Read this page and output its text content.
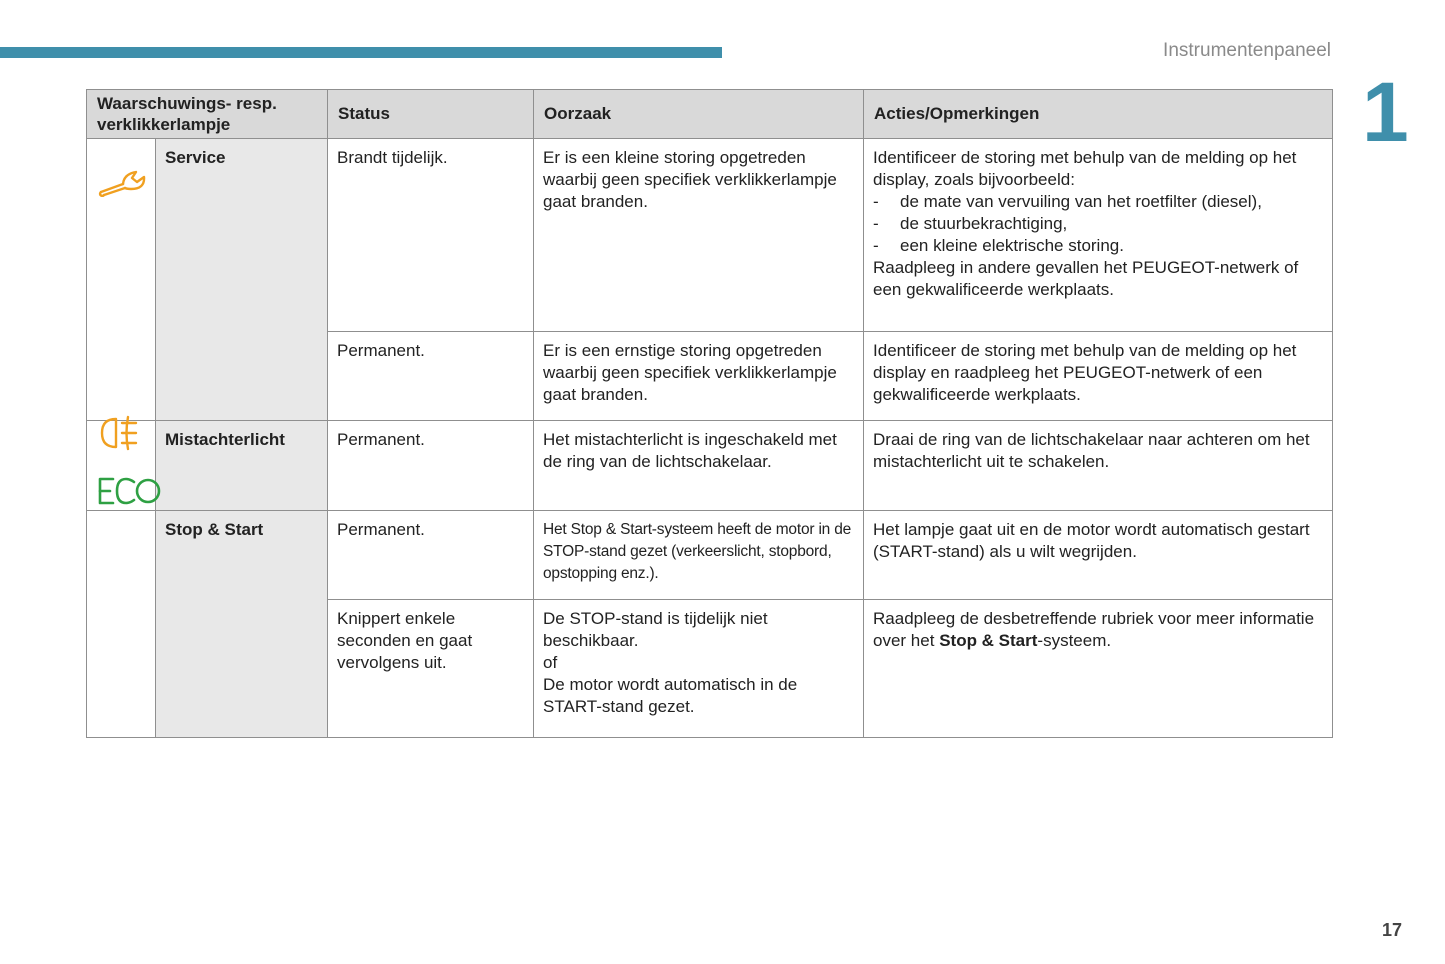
Instrumentenpaneel
1
Waarschuwings- resp. verklikkerlampje		Status	Oorzaak	Acties/Opmerkingen

	Service	Brandt tijdelijk.	Er is een kleine storing opgetreden waarbij geen specifiek verklikkerlampje gaat branden.	Identificeer de storing met behulp van de melding op het display, zoals bijvoorbeeld:
- de mate van vervuiling van het roetfilter (diesel),
- de stuurbekrachtiging,
- een kleine elektrische storing.
Raadpleeg in andere gevallen het PEUGEOT-netwerk of een gekwalificeerde werkplaats.

		Permanent.	Er is een ernstige storing opgetreden waarbij geen specifiek verklikkerlampje gaat branden.	Identificeer de storing met behulp van de melding op het display en raadpleeg het PEUGEOT-netwerk of een gekwalificeerde werkplaats.

	Mistachterlicht	Permanent.	Het mistachterlicht is ingeschakeld met de ring van de lichtschakelaar.	Draai de ring van de lichtschakelaar naar achteren om het mistachterlicht uit te schakelen.

	Stop & Start	Permanent.	Het Stop & Start-systeem heeft de motor in de STOP-stand gezet (verkeerslicht, stopbord, opstopping enz.).	Het lampje gaat uit en de motor wordt automatisch gestart (START-stand) als u wilt wegrijden.
		Knippert enkele seconden en gaat vervolgens uit.	De STOP-stand is tijdelijk niet beschikbaar.
of
De motor wordt automatisch in de START-stand gezet.	Raadpleeg de desbetreffende rubriek voor meer informatie over het Stop & Start-systeem.
17
